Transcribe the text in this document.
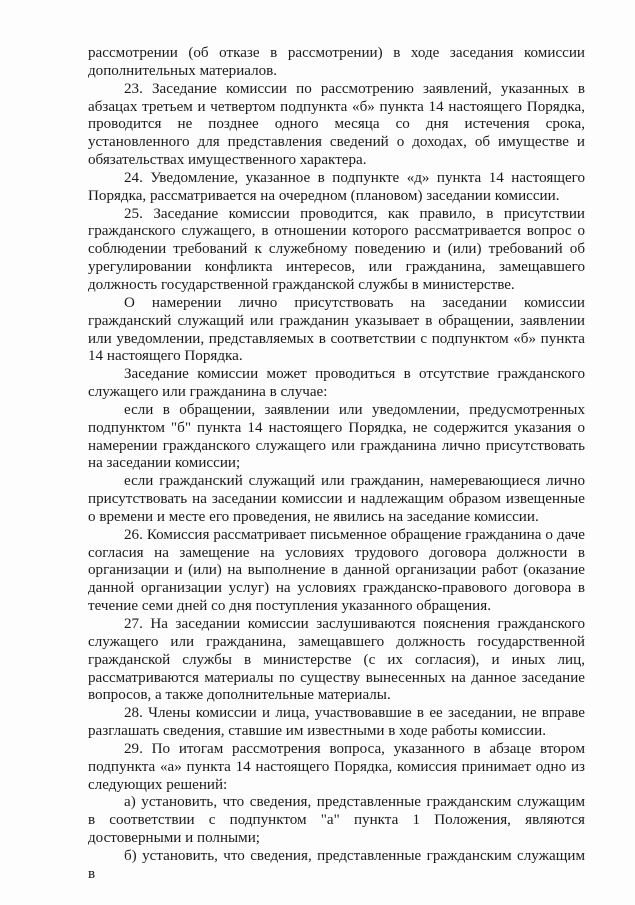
рассмотрении (об отказе в рассмотрении) в ходе заседания комиссии дополнительных материалов.

23. Заседание комиссии по рассмотрению заявлений, указанных в абзацах третьем и четвертом подпункта «б» пункта 14 настоящего Порядка, проводится не позднее одного месяца со дня истечения срока, установленного для представления сведений о доходах, об имуществе и обязательствах имущественного характера.

24. Уведомление, указанное в подпункте «д» пункта 14 настоящего Порядка, рассматривается на очередном (плановом) заседании комиссии.

25. Заседание комиссии проводится, как правило, в присутствии гражданского служащего, в отношении которого рассматривается вопрос о соблюдении требований к служебному поведению и (или) требований об урегулировании конфликта интересов, или гражданина, замещавшего должность государственной гражданской службы в министерстве.

О намерении лично присутствовать на заседании комиссии гражданский служащий или гражданин указывает в обращении, заявлении или уведомлении, представляемых в соответствии с подпунктом «б» пункта 14 настоящего Порядка.

Заседание комиссии может проводиться в отсутствие гражданского служащего или гражданина в случае:

если в обращении, заявлении или уведомлении, предусмотренных подпунктом "б" пункта 14 настоящего Порядка, не содержится указания о намерении гражданского служащего или гражданина лично присутствовать на заседании комиссии;

если гражданский служащий или гражданин, намеревающиеся лично присутствовать на заседании комиссии и надлежащим образом извещенные о времени и месте его проведения, не явились на заседание комиссии.

26. Комиссия рассматривает письменное обращение гражданина о даче согласия на замещение на условиях трудового договора должности в организации и (или) на выполнение в данной организации работ (оказание данной организации услуг) на условиях гражданско-правового договора в течение семи дней со дня поступления указанного обращения.

27. На заседании комиссии заслушиваются пояснения гражданского служащего или гражданина, замещавшего должность государственной гражданской службы в министерстве (с их согласия), и иных лиц, рассматриваются материалы по существу вынесенных на данное заседание вопросов, а также дополнительные материалы.

28. Члены комиссии и лица, участвовавшие в ее заседании, не вправе разглашать сведения, ставшие им известными в ходе работы комиссии.

29. По итогам рассмотрения вопроса, указанного в абзаце втором подпункта «а» пункта 14 настоящего Порядка, комиссия принимает одно из следующих решений:

а) установить, что сведения, представленные гражданским служащим в соответствии с подпунктом "а" пункта 1 Положения, являются достоверными и полными;

б) установить, что сведения, представленные гражданским служащим в
